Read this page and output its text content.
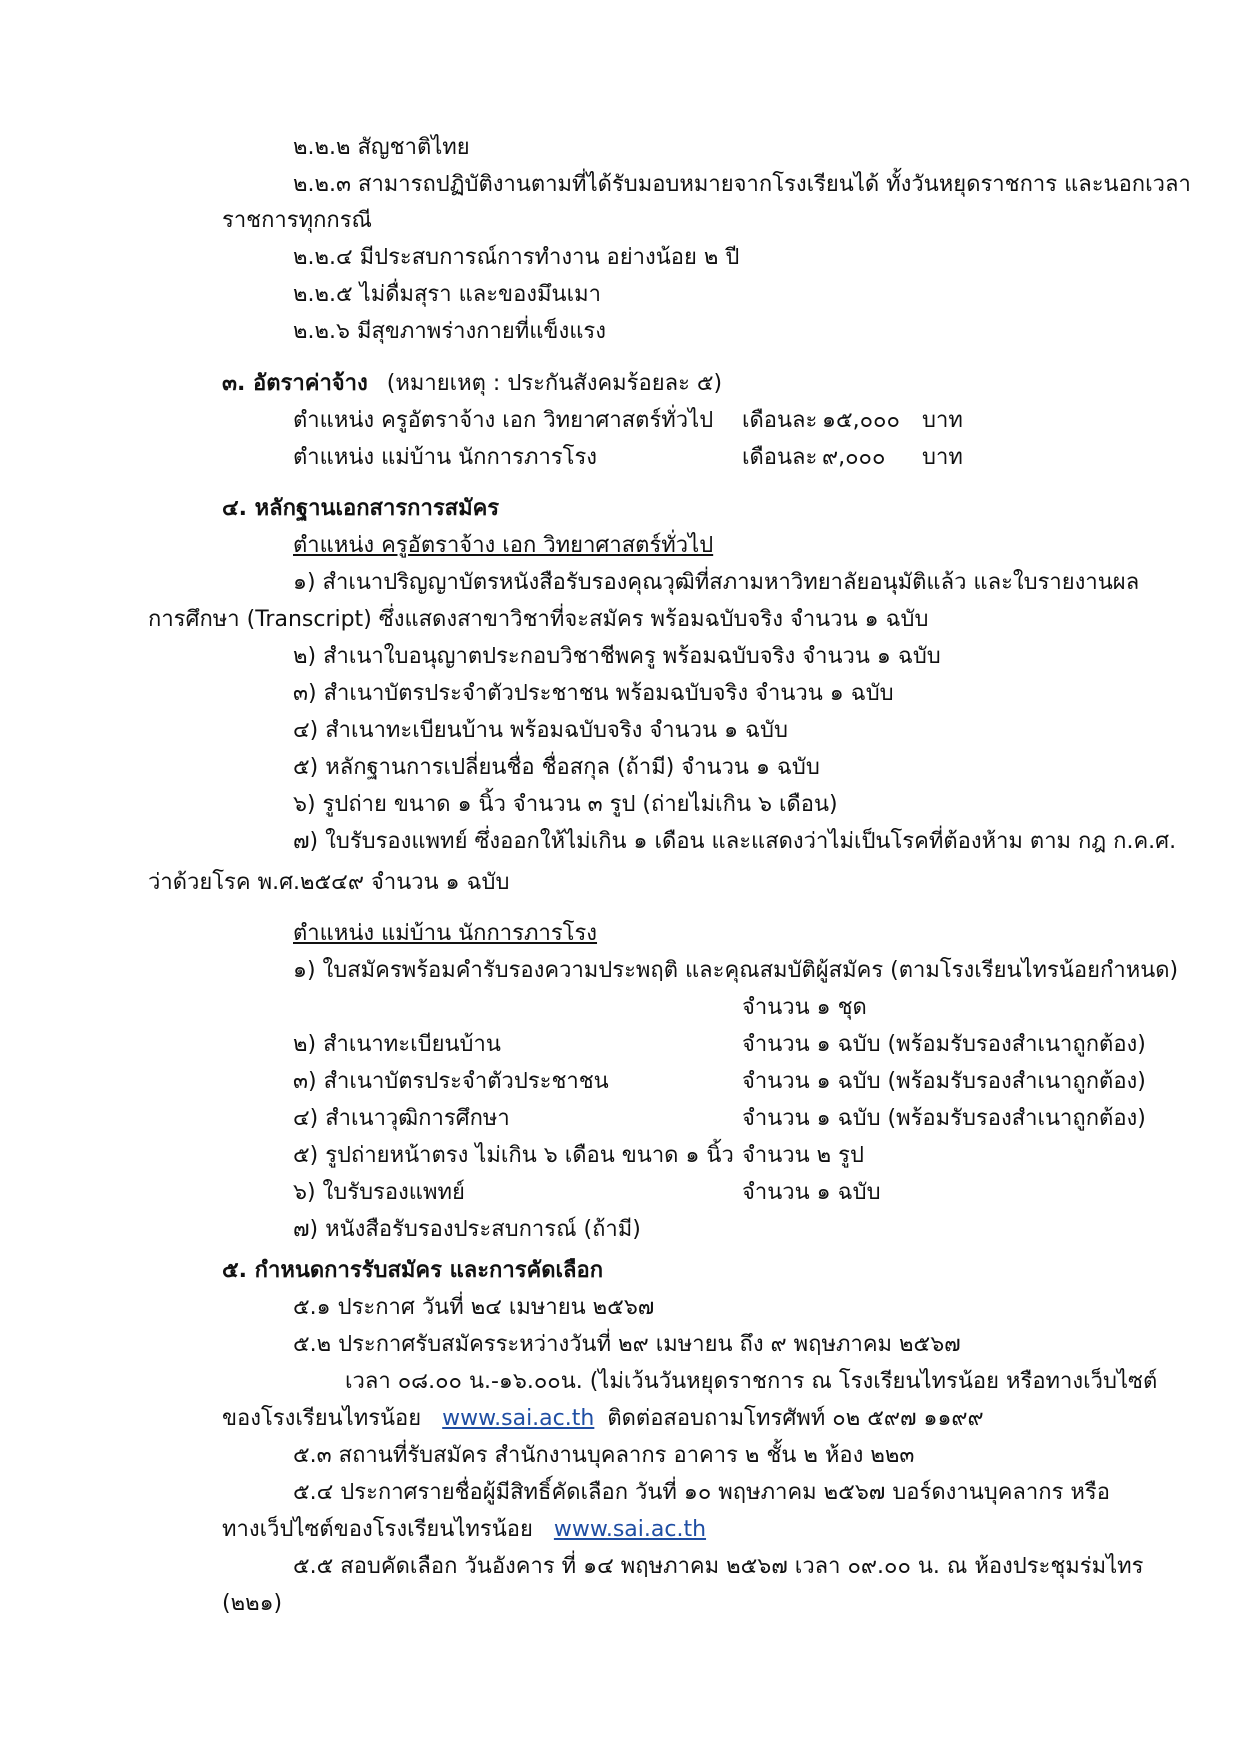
๒.๒.๒ สัญชาติไทย
๒.๒.๓ สามารถปฏิบัติงานตามที่ได้รับมอบหมายจากโรงเรียนได้ ทั้งวันหยุดราชการ และนอกเวลา
ราชการทุกกรณี
๒.๒.๔ มีประสบการณ์การทำงาน อย่างน้อย ๒ ปี
๒.๒.๕ ไม่ดื่มสุรา และของมึนเมา
๒.๒.๖ มีสุขภาพร่างกายที่แข็งแรง
๓. อัตราค่าจ้าง (หมายเหตุ : ประกันสังคมร้อยละ ๕)
ตำแหน่ง ครูอัตราจ้าง เอก วิทยาศาสตร์ทั่วไป เดือนละ ๑๕,๐๐๐ บาท
ตำแหน่ง แม่บ้าน นักการภารโรง	เดือนละ ๙,๐๐๐ บาท
๔. หลักฐานเอกสารการสมัคร
ตำแหน่ง ครูอัตราจ้าง เอก วิทยาศาสตร์ทั่วไป
๑) สำเนาปริญญาบัตรหนังสือรับรองคุณวุฒิที่สภามหาวิทยาลัยอนุมัติแล้ว และใบรายงานผล
การศึกษา (Transcript) ซึ่งแสดงสาขาวิชาที่จะสมัคร พร้อมฉบับจริง จำนวน ๑ ฉบับ
๒) สำเนาใบอนุญาตประกอบวิชาชีพครู พร้อมฉบับจริง จำนวน ๑ ฉบับ
๓) สำเนาบัตรประจำตัวประชาชน พร้อมฉบับจริง จำนวน ๑ ฉบับ
๔) สำเนาทะเบียนบ้าน พร้อมฉบับจริง จำนวน ๑ ฉบับ
๕) หลักฐานการเปลี่ยนชื่อ ชื่อสกุล (ถ้ามี) จำนวน ๑ ฉบับ
๖) รูปถ่าย ขนาด ๑ นิ้ว จำนวน ๓ รูป (ถ่ายไม่เกิน ๖ เดือน)
๗) ใบรับรองแพทย์ ซึ่งออกให้ไม่เกิน ๑ เดือน และแสดงว่าไม่เป็นโรคที่ต้องห้าม ตาม กฎ ก.ค.ศ.
ว่าด้วยโรค พ.ศ.๒๕๔๙ จำนวน ๑ ฉบับ
ตำแหน่ง แม่บ้าน นักการภารโรง
๑) ใบสมัครพร้อมคำรับรองความประพฤติ และคุณสมบัติผู้สมัคร (ตามโรงเรียนไทรน้อยกำหนด)
จำนวน ๑ ชุด
๒) สำเนาทะเบียนบ้าน	จำนวน ๑ ฉบับ (พร้อมรับรองสำเนาถูกต้อง)
๓) สำเนาบัตรประจำตัวประชาชน	จำนวน ๑ ฉบับ (พร้อมรับรองสำเนาถูกต้อง)
๔) สำเนาวุฒิการศึกษา	จำนวน ๑ ฉบับ (พร้อมรับรองสำเนาถูกต้อง)
๕) รูปถ่ายหน้าตรง ไม่เกิน ๖ เดือน ขนาด ๑ นิ้ว จำนวน ๒ รูป
๖) ใบรับรองแพทย์	จำนวน ๑ ฉบับ
๗) หนังสือรับรองประสบการณ์ (ถ้ามี)
๕. กำหนดการรับสมัคร และการคัดเลือก
๕.๑ ประกาศ วันที่ ๒๔ เมษายน ๒๕๖๗
๕.๒ ประกาศรับสมัครระหว่างวันที่ ๒๙ เมษายน ถึง ๙ พฤษภาคม ๒๕๖๗
เวลา ๐๘.๐๐ น.-๑๖.๐๐น. (ไม่เว้นวันหยุดราชการ ณ โรงเรียนไทรน้อย หรือทางเว็บไซต์
ของโรงเรียนไทรน้อย www.sai.ac.th ติดต่อสอบถามโทรศัพท์ ๐๒ ๕๙๗ ๑๑๙๙
๕.๓ สถานที่รับสมัคร สำนักงานบุคลากร อาคาร ๒ ชั้น ๒ ห้อง ๒๒๓
๕.๔ ประกาศรายชื่อผู้มีสิทธิ์คัดเลือก วันที่ ๑๐ พฤษภาคม ๒๕๖๗ บอร์ดงานบุคลากร หรือ
ทางเว็ปไซต์ของโรงเรียนไทรน้อย www.sai.ac.th
๕.๕ สอบคัดเลือก วันอังคาร ที่ ๑๔ พฤษภาคม ๒๕๖๗ เวลา ๐๙.๐๐ น. ณ ห้องประชุมร่มไทร
(๒๒๑)
